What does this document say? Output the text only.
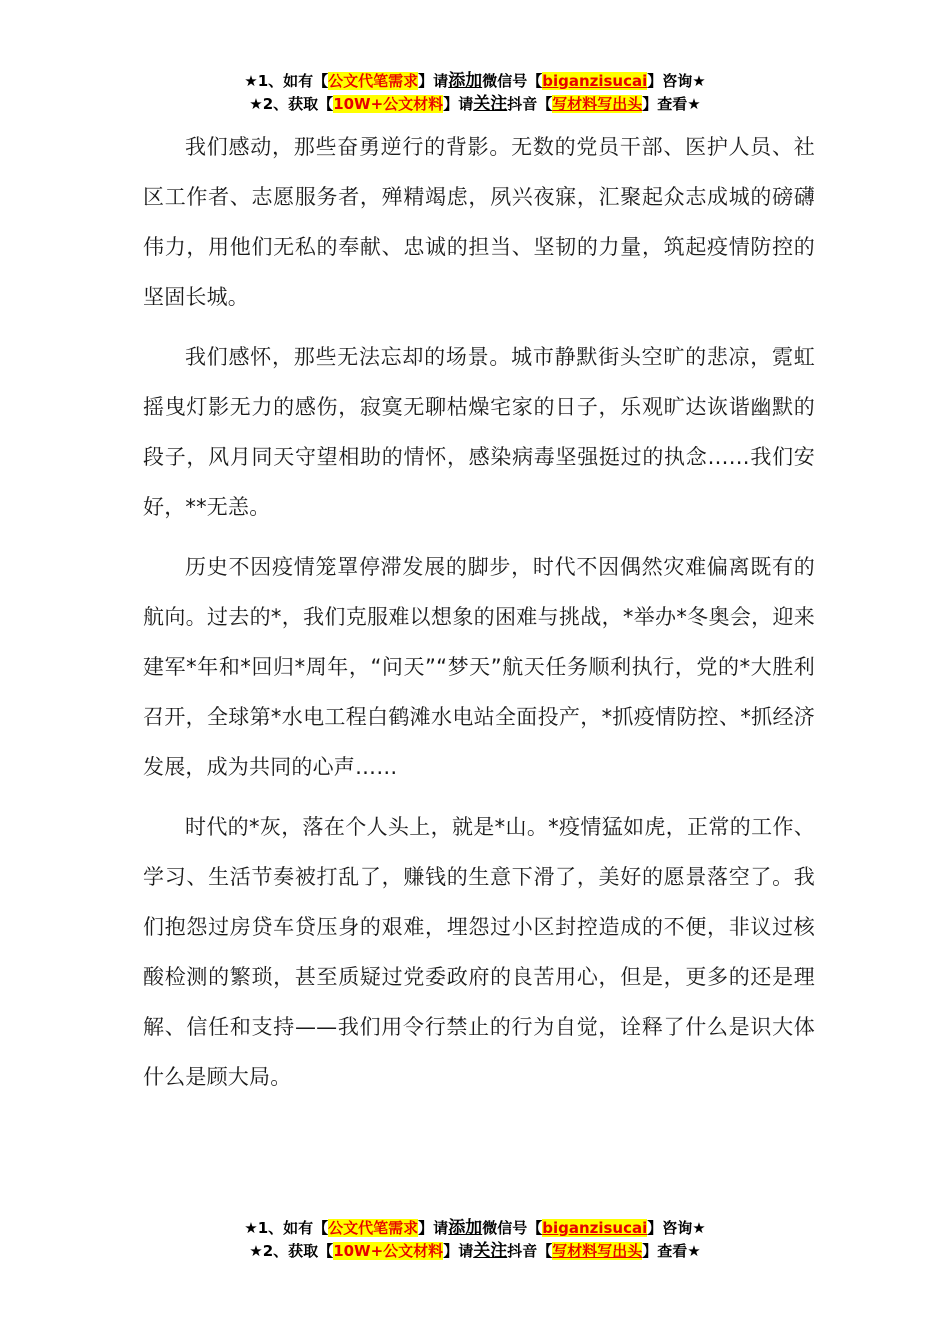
★1、如有【公文代笔需求】请添加微信号【biganzisucai】咨询★
★2、获取【10W+公文材料】请关注抖音【写材料写出头】查看★

我们感动，那些奋勇逆行的背影。无数的党员干部、医护人员、社区工作者、志愿服务者，殚精竭虑，夙兴夜寐，汇聚起众志成城的磅礴伟力，用他们无私的奉献、忠诚的担当、坚韧的力量，筑起疫情防控的坚固长城。

我们感怀，那些无法忘却的场景。城市静默街头空旷的悲凉，霓虹摇曳灯影无力的感伤，寂寞无聊枯燥宅家的日子，乐观旷达诙谐幽默的段子，风月同天守望相助的情怀，感染病毒坚强挺过的执念……我们安好，**无恙。

历史不因疫情笼罩停滞发展的脚步，时代不因偶然灾难偏离既有的航向。过去的*，我们克服难以想象的困难与挑战，*举办*冬奥会，迎来建军*年和*回归*周年，“问天”“梦天”航天任务顺利执行，党的*大胜利召开，全球第*水电工程白鹤滩水电站全面投产，*抓疫情防控、*抓经济发展，成为共同的心声……

时代的*灰，落在个人头上，就是*山。*疫情猛如虎，正常的工作、学习、生活节奏被打乱了，赚钱的生意下滑了，美好的愿景落空了。我们抱怨过房贷车贷压身的艰难，埋怨过小区封控造成的不便，非议过核酸检测的繁琐，甚至质疑过党委政府的良苦用心，但是，更多的还是理解、信任和支持——我们用令行禁止的行为自觉，诠释了什么是识大体什么是顾大局。

★1、如有【公文代笔需求】请添加微信号【biganzisucai】咨询★
★2、获取【10W+公文材料】请关注抖音【写材料写出头】查看★
